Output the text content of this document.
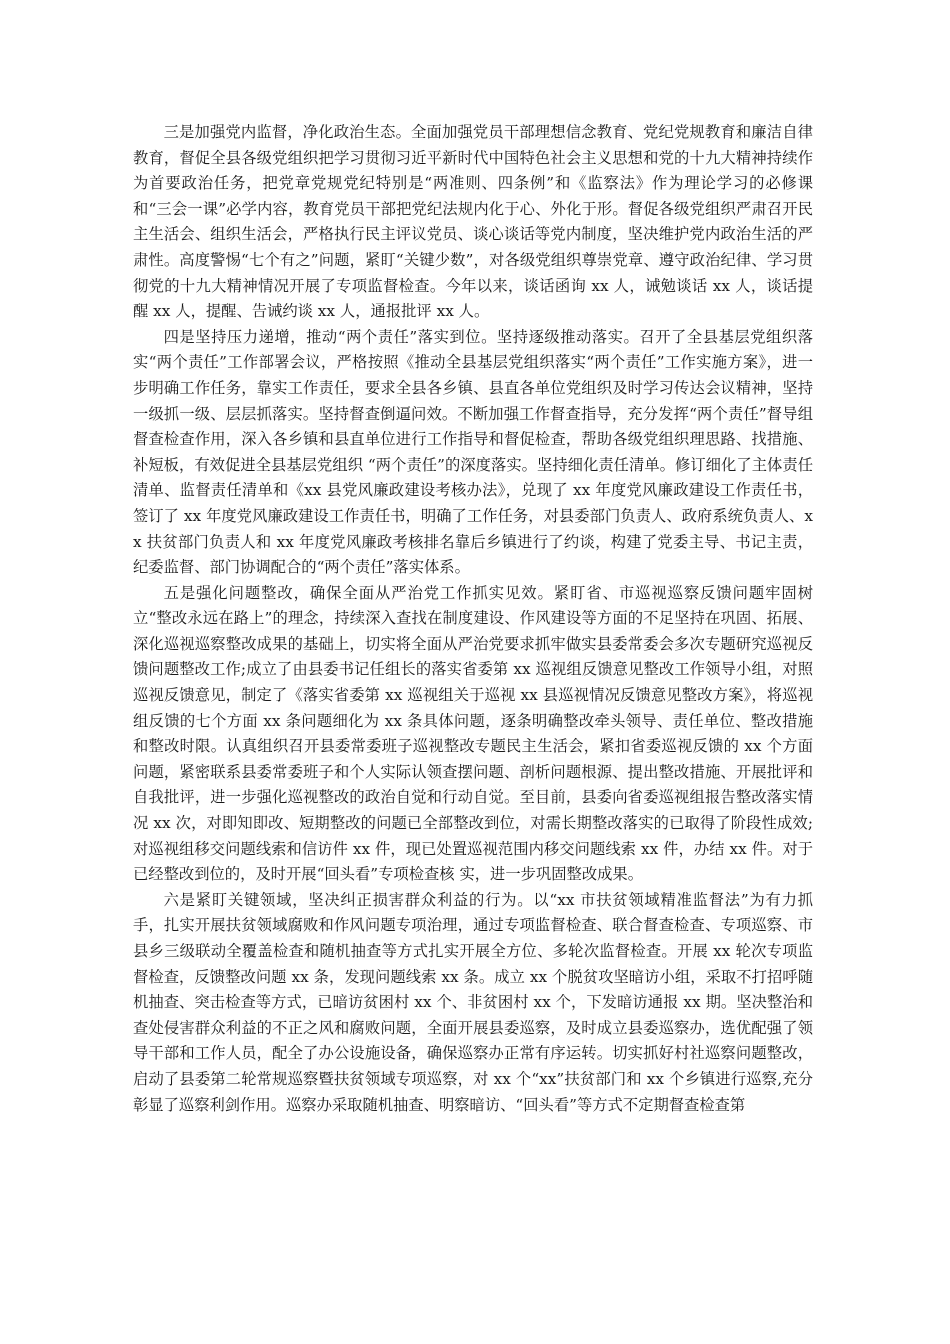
三是加强党内监督，净化政治生态。全面加强党员干部理想信念教育、党纪党规教育和廉洁自律教育，督促全县各级党组织把学习贯彻习近平新时代中国特色社会主义思想和党的十九大精神持续作为首要政治任务，把党章党规党纪特别是“两准则、四条例”和《监察法》作为理论学习的必修课和“三会一课”必学内容，教育党员干部把党纪法规内化于心、外化于形。督促各级党组织严肃召开民主生活会、组织生活会，严格执行民主评议党员、谈心谈话等党内制度，坚决维护党内政治生活的严肃性。高度警惕“七个有之”问题，紧盯“关键少数”，对各级党组织尊崇党章、遵守政治纪律、学习贯彻党的十九大精神情况开展了专项监督检查。今年以来，谈话函询 xx 人，诫勉谈话 xx 人，谈话提醒 xx 人，提醒、告诫约谈 xx 人，通报批评 xx 人。

四是坚持压力递增，推动“两个责任”落实到位。坚持逐级推动落实。召开了全县基层党组织落实“两个责任”工作部署会议，严格按照《推动全县基层党组织落实“两个责任”工作实施方案》，进一步明确工作任务，靠实工作责任，要求全县各乡镇、县直各单位党组织及时学习传达会议精神，坚持一级抓一级、层层抓落实。坚持督查倒逼问效。不断加强工作督查指导，充分发挥“两个责任”督导组督查检查作用，深入各乡镇和县直单位进行工作指导和督促检查，帮助各级党组织理思路、找措施、补短板，有效促进全县基层党组织 “两个责任”的深度落实。坚持细化责任清单。修订细化了主体责任清单、监督责任清单和《xx 县党风廉政建设考核办法》，兑现了 xx 年度党风廉政建设工作责任书，签订了 xx 年度党风廉政建设工作责任书，明确了工作任务，对县委部门负责人、政府系统负责人、xx 扶贫部门负责人和 xx 年度党风廉政考核排名靠后乡镇进行了约谈，构建了党委主导、书记主责，纪委监督、部门协调配合的“两个责任”落实体系。

五是强化问题整改，确保全面从严治党工作抓实见效。紧盯省、市巡视巡察反馈问题牢固树立“整改永远在路上”的理念，持续深入查找在制度建设、作风建设等方面的不足坚持在巩固、拓展、深化巡视巡察整改成果的基础上，切实将全面从严治党要求抓牢做实县委常委会多次专题研究巡视反馈问题整改工作;成立了由县委书记任组长的落实省委第 xx 巡视组反馈意见整改工作领导小组，对照巡视反馈意见，制定了《落实省委第 xx 巡视组关于巡视 xx 县巡视情况反馈意见整改方案》，将巡视组反馈的七个方面 xx 条问题细化为 xx 条具体问题，逐条明确整改牵头领导、责任单位、整改措施和整改时限。认真组织召开县委常委班子巡视整改专题民主生活会，紧扣省委巡视反馈的 xx 个方面问题，紧密联系县委常委班子和个人实际认领查摆问题、剖析问题根源、提出整改措施、开展批评和自我批评，进一步强化巡视整改的政治自觉和行动自觉。至目前，县委向省委巡视组报告整改落实情况 xx 次，对即知即改、短期整改的问题已全部整改到位，对需长期整改落实的已取得了阶段性成效;对巡视组移交问题线索和信访件 xx 件，现已处置巡视范围内移交问题线索 xx 件，办结 xx 件。对于已经整改到位的，及时开展“回头看”专项检查核 实，进一步巩固整改成果。

六是紧盯关键领域，坚决纠正损害群众利益的行为。以“xx 市扶贫领域精准监督法”为有力抓手，扎实开展扶贫领域腐败和作风问题专项治理，通过专项监督检查、联合督查检查、专项巡察、市县乡三级联动全覆盖检查和随机抽查等方式扎实开展全方位、多轮次监督检查。开展 xx 轮次专项监督检查，反馈整改问题 xx 条，发现问题线索 xx 条。成立 xx 个脱贫攻坚暗访小组，采取不打招呼随机抽查、突击检查等方式，已暗访贫困村 xx 个、非贫困村 xx 个，下发暗访通报 xx 期。坚决整治和查处侵害群众利益的不正之风和腐败问题，全面开展县委巡察，及时成立县委巡察办，选优配强了领导干部和工作人员，配全了办公设施设备，确保巡察办正常有序运转。切实抓好村社巡察问题整改，启动了县委第二轮常规巡察暨扶贫领域专项巡察，对 xx 个“xx”扶贫部门和 xx 个乡镇进行巡察,充分彰显了巡察利剑作用。巡察办采取随机抽查、明察暗访、“回头看”等方式不定期督查检查第
